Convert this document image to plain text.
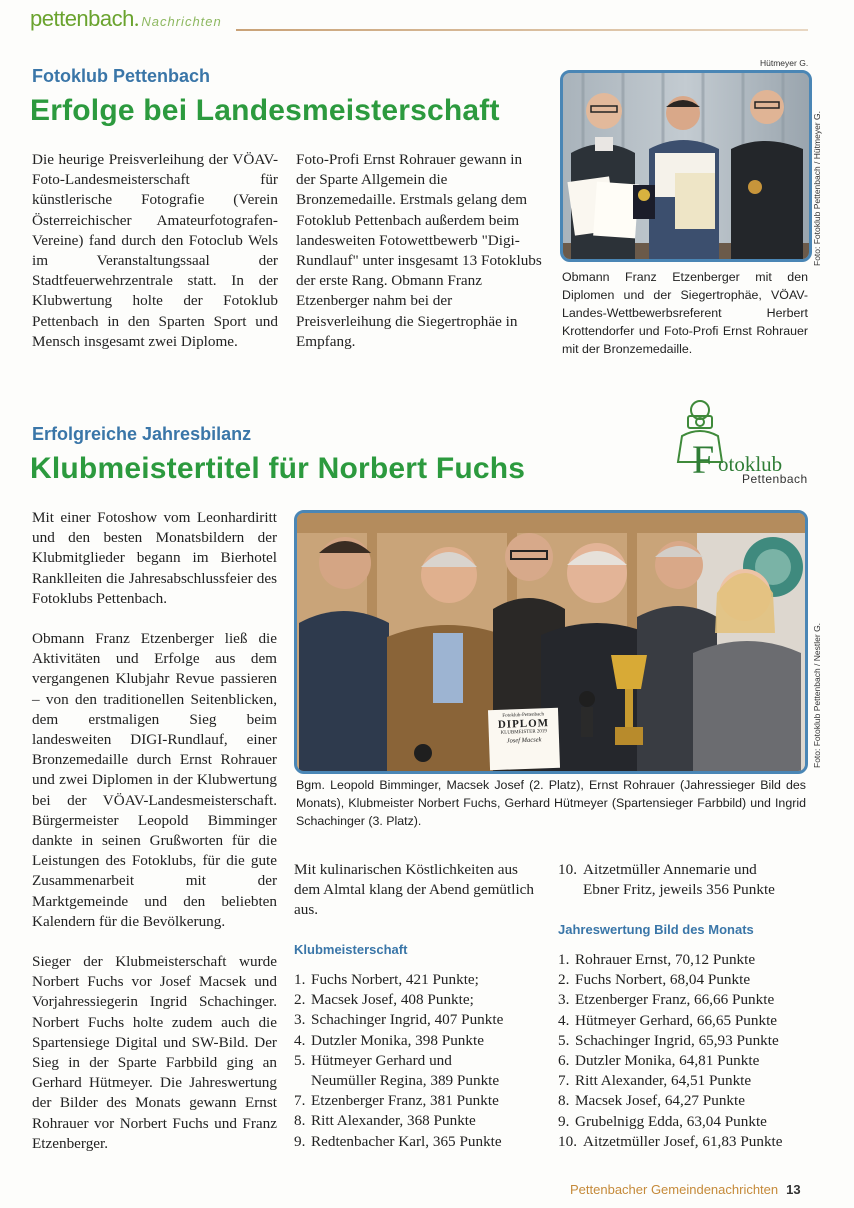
pettenbach . Nachrichten
Fotoklub Pettenbach
Erfolge bei Landesmeisterschaft

Die heurige Preisverleihung der VÖAV-Foto-Landesmeisterschaft für künstlerische Fotografie (Verein Österreichischer Amateurfotografen-Vereine) fand durch den Fotoclub Wels im Veranstaltungssaal der Stadtfeuerwehrzentrale statt. In der Klubwertung holte der Fotoklub Pettenbach in den Sparten Sport und Mensch insgesamt zwei Diplome.

Foto-Profi Ernst Rohrauer gewann in der Sparte Allgemein die Bronzemedaille. Erstmals gelang dem Fotoklub Pettenbach außerdem beim landesweiten Fotowettbewerb "Digi-Rundlauf" unter insgesamt 13 Fotoklubs der erste Rang. Obmann Franz Etzenberger nahm bei der Preisverleihung die Siegertrophäe in Empfang.

Hütmeyer G.
Foto: Fotoklub Pettenbach / Hütmeyer G.
Obmann Franz Etzenberger mit den Diplomen und der Siegertrophäe, VÖAV-Landes-Wettbewerbsreferent Herbert Krottendorfer und Foto-Profi Ernst Rohrauer mit der Bronzemedaille.
F otoklub
Pettenbach
Erfolgreiche Jahresbilanz
Klubmeistertitel für Norbert Fuchs

Mit einer Fotoshow vom Leonhardiritt und den besten Monatsbildern der Klubmitglieder begann im Bierhotel Ranklleiten die Jahresabschlussfeier des Fotoklubs Pettenbach.

Obmann Franz Etzenberger ließ die Aktivitäten und Erfolge aus dem vergangenen Klubjahr Revue passieren – von den traditionellen Seitenblicken, dem erstmaligen Sieg beim landesweiten DIGI-Rundlauf, einer Bronzemedaille durch Ernst Rohrauer und zwei Diplomen in der Klubwertung bei der VÖAV-Landesmeisterschaft. Bürgermeister Leopold Bimminger dankte in seinen Grußworten für die Leistungen des Fotoklubs, für die gute Zusammenarbeit mit der Marktgemeinde und den beliebten Kalendern für die Bevölkerung.

Sieger der Klubmeisterschaft wurde Norbert Fuchs vor Josef Macsek und Vorjahressiegerin Ingrid Schachinger. Norbert Fuchs holte zudem auch die Spartensiege Digital und SW-Bild. Der Sieg in der Sparte Farbbild ging an Gerhard Hütmeyer. Die Jahreswertung der Bilder des Monats gewann Ernst Rohrauer vor Norbert Fuchs und Franz Etzenberger.

Fotoklub-Pettenbach
DIPLOM
KLUBMEISTER 2019
Josef Macsek	Foto: Fotoklub Pettenbach / Nestler G.
Bgm. Leopold Bimminger, Macsek Josef (2. Platz), Ernst Rohrauer (Jahressieger Bild des Monats), Klubmeister Norbert Fuchs, Gerhard Hütmeyer (Spartensieger Farbbild) und Ingrid Schachinger (3. Platz).

Mit kulinarischen Köstlichkeiten aus dem Almtal klang der Abend gemütlich aus.

Klubmeisterschaft
1. Fuchs Norbert, 421 Punkte;
2. Macsek Josef, 408 Punkte;
3. Schachinger Ingrid, 407 Punkte
4. Dutzler Monika, 398 Punkte
5. Hütmeyer Gerhard und
Neumüller Regina, 389 Punkte
7. Etzenberger Franz, 381 Punkte
8. Ritt Alexander, 368 Punkte
9. Redtenbacher Karl, 365 Punkte
10. Aitzetmüller Annemarie und
Ebner Fritz, jeweils 356 Punkte
Jahreswertung Bild des Monats
1. Rohrauer Ernst, 70,12 Punkte
2. Fuchs Norbert, 68,04 Punkte
3. Etzenberger Franz, 66,66 Punkte
4. Hütmeyer Gerhard, 66,65 Punkte
5. Schachinger Ingrid, 65,93 Punkte
6. Dutzler Monika, 64,81 Punkte
7. Ritt Alexander, 64,51 Punkte
8. Macsek Josef, 64,27 Punkte
9. Grubelnigg Edda, 63,04 Punkte
10. Aitzetmüller Josef, 61,83 Punkte
Pettenbacher Gemeindenachrichten 13
